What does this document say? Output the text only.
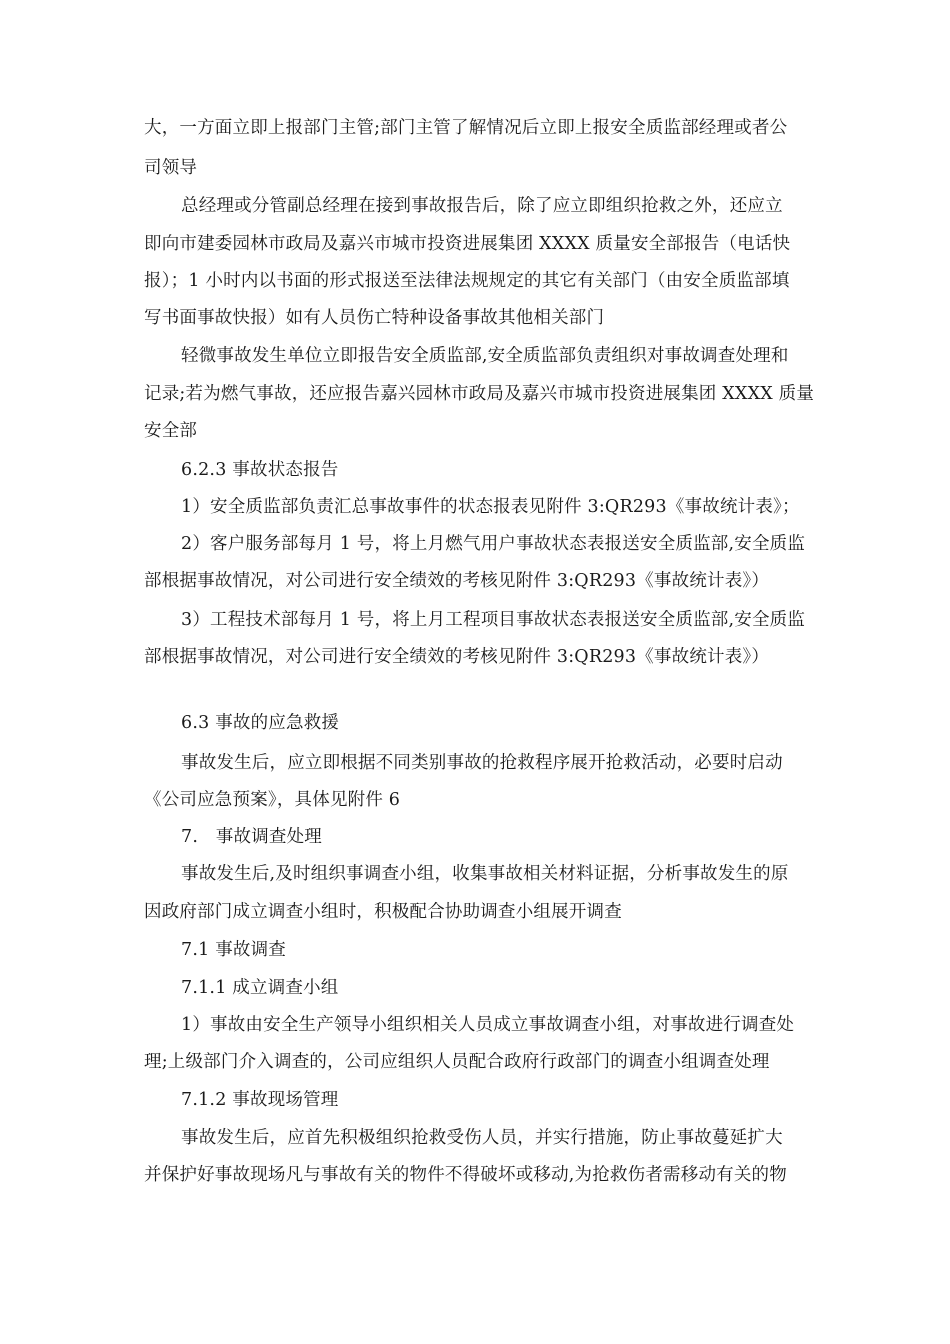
大，一方面立即上报部门主管;部门主管了解情况后立即上报安全质监部经理或者公
司领导
总经理或分管副总经理在接到事故报告后，除了应立即组织抢救之外，还应立
即向市建委园林市政局及嘉兴市城市投资进展集团 XXXX 质量安全部报告（电话快
报）；1 小时内以书面的形式报送至法律法规规定的其它有关部门（由安全质监部填
写书面事故快报）如有人员伤亡特种设备事故其他相关部门
轻微事故发生单位立即报告安全质监部,安全质监部负责组织对事故调查处理和
记录;若为燃气事故，还应报告嘉兴园林市政局及嘉兴市城市投资进展集团 XXXX 质量
安全部
6.2.3 事故状态报告
1）安全质监部负责汇总事故事件的状态报表见附件 3:QR293《事故统计表》；
2）客户服务部每月 1 号，将上月燃气用户事故状态表报送安全质监部,安全质监
部根据事故情况，对公司进行安全绩效的考核见附件 3:QR293《事故统计表》）
3）工程技术部每月 1 号，将上月工程项目事故状态表报送安全质监部,安全质监
部根据事故情况，对公司进行安全绩效的考核见附件 3:QR293《事故统计表》）
6.3 事故的应急救援
事故发生后，应立即根据不同类别事故的抢救程序展开抢救活动，必要时启动
《公司应急预案》，具体见附件 6
7.　事故调查处理
事故发生后,及时组织事调查小组，收集事故相关材料证据，分析事故发生的原
因政府部门成立调查小组时，积极配合协助调查小组展开调查
7.1 事故调查
7.1.1 成立调查小组
1）事故由安全生产领导小组织相关人员成立事故调查小组，对事故进行调查处
理;上级部门介入调查的，公司应组织人员配合政府行政部门的调查小组调查处理
7.1.2 事故现场管理
事故发生后，应首先积极组织抢救受伤人员，并实行措施，防止事故蔓延扩大
并保护好事故现场凡与事故有关的物件不得破坏或移动,为抢救伤者需移动有关的物
